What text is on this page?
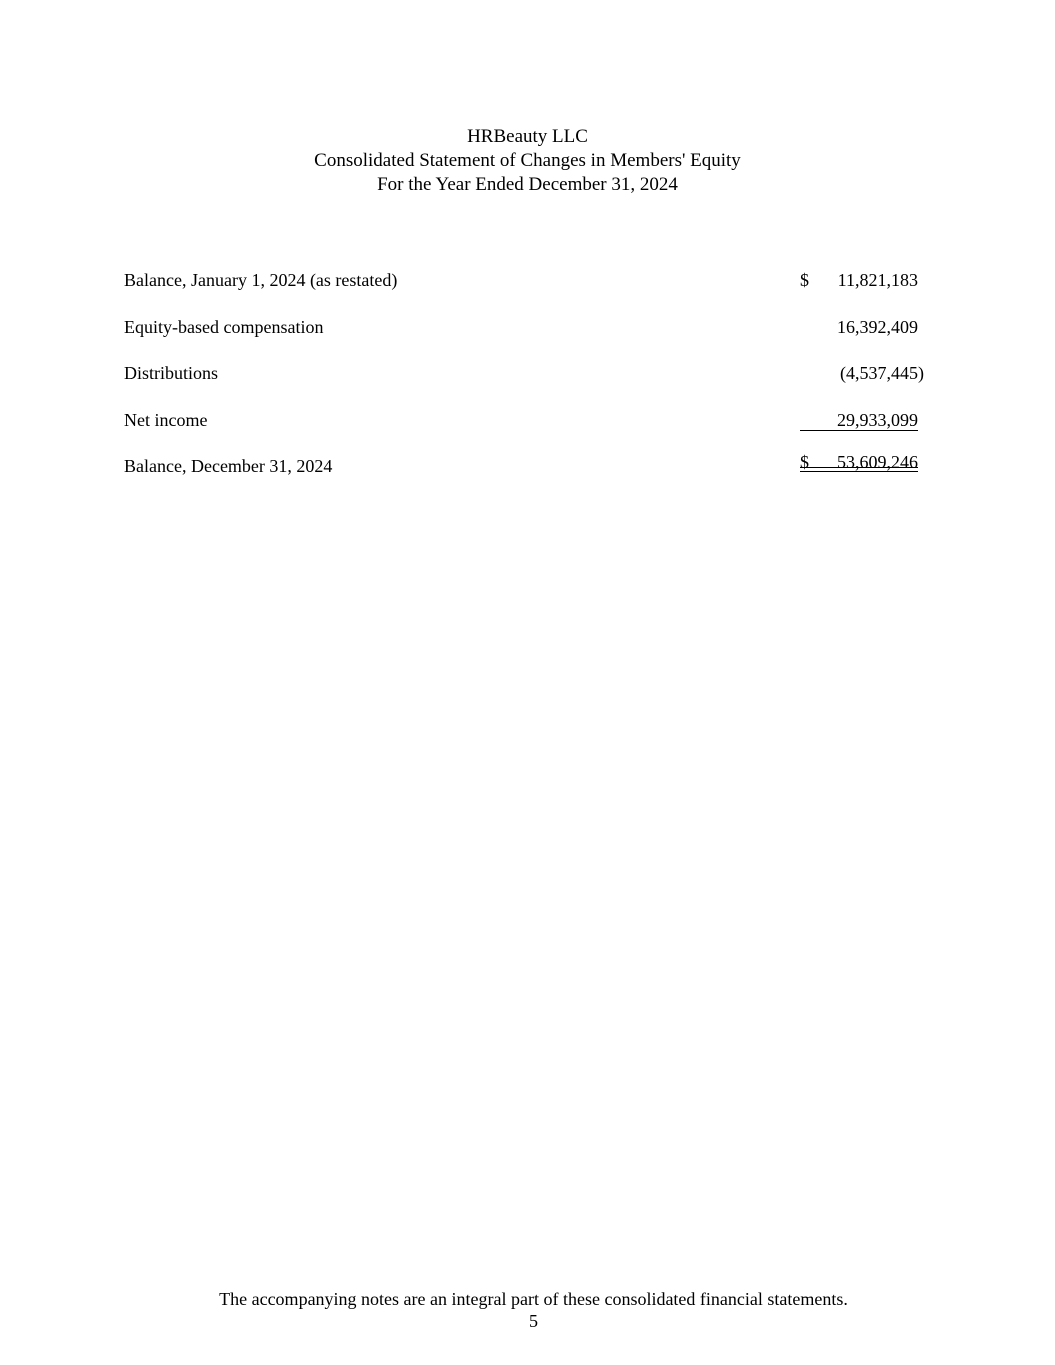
HRBeauty LLC
Consolidated Statement of Changes in Members' Equity
For the Year Ended December 31, 2024
Balance, January 1, 2024 (as restated)	$ 11,821,183
Equity-based compensation	16,392,409
Distributions	(4,537,445)
Net income	29,933,099
Balance, December 31, 2024	$ 53,609,246
The accompanying notes are an integral part of these consolidated financial statements.
5
